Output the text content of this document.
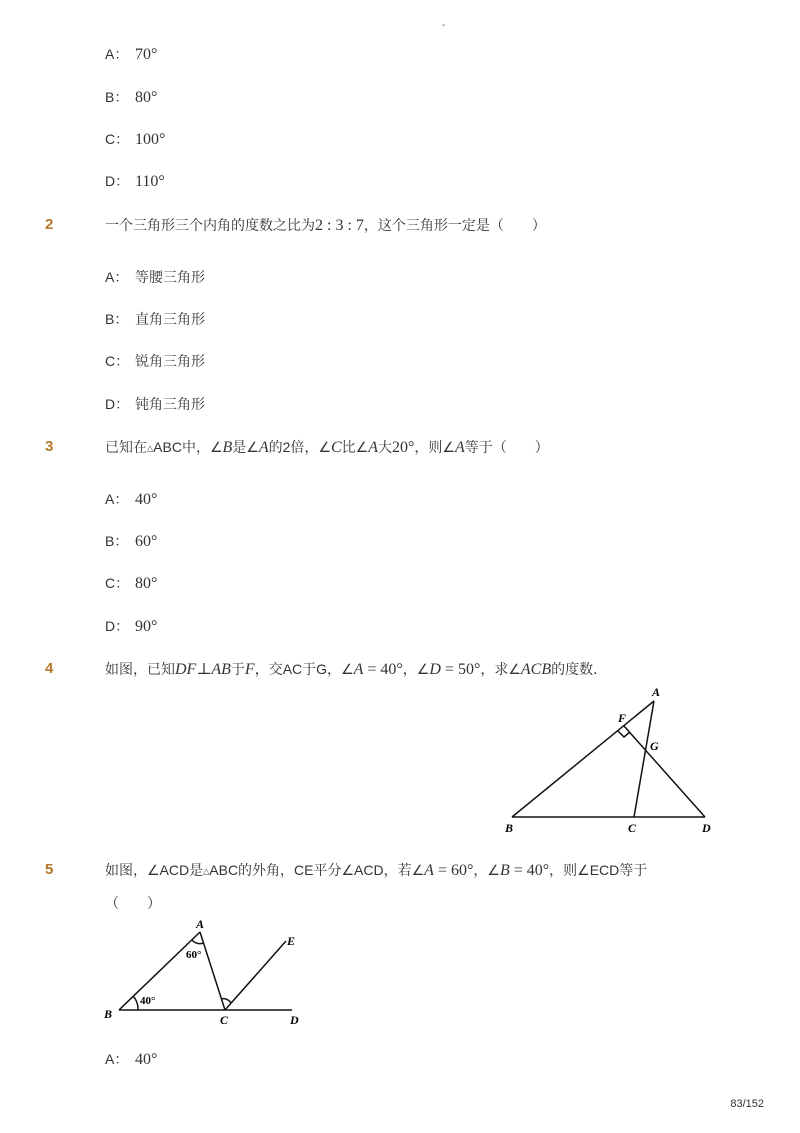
-
A： 70°
B： 80°
C： 100°
D： 110°
2	一个三角形三个内角的度数之比为2 : 3 : 7，这个三角形一定是（　　）
A： 等腰三角形
B： 直角三角形
C： 锐角三角形
D： 钝角三角形
3	已知在△ABC中，∠B是∠A的2倍，∠C比∠A大20°，则∠A等于（　　）
A： 40°
B： 60°
C： 80°
D： 90°
4	如图，已知DF⊥AB于F，交AC于G，∠A = 40°，∠D = 50°，求∠ACB的度数．
A
F
G
B	C	D
5	如图，∠ACD是△ABC的外角，CE平分∠ACD，若∠A = 60°，∠B = 40°，则∠ECD等于
（　　）
A
E
B	C	D
60°
40°
A： 40°
83/152
